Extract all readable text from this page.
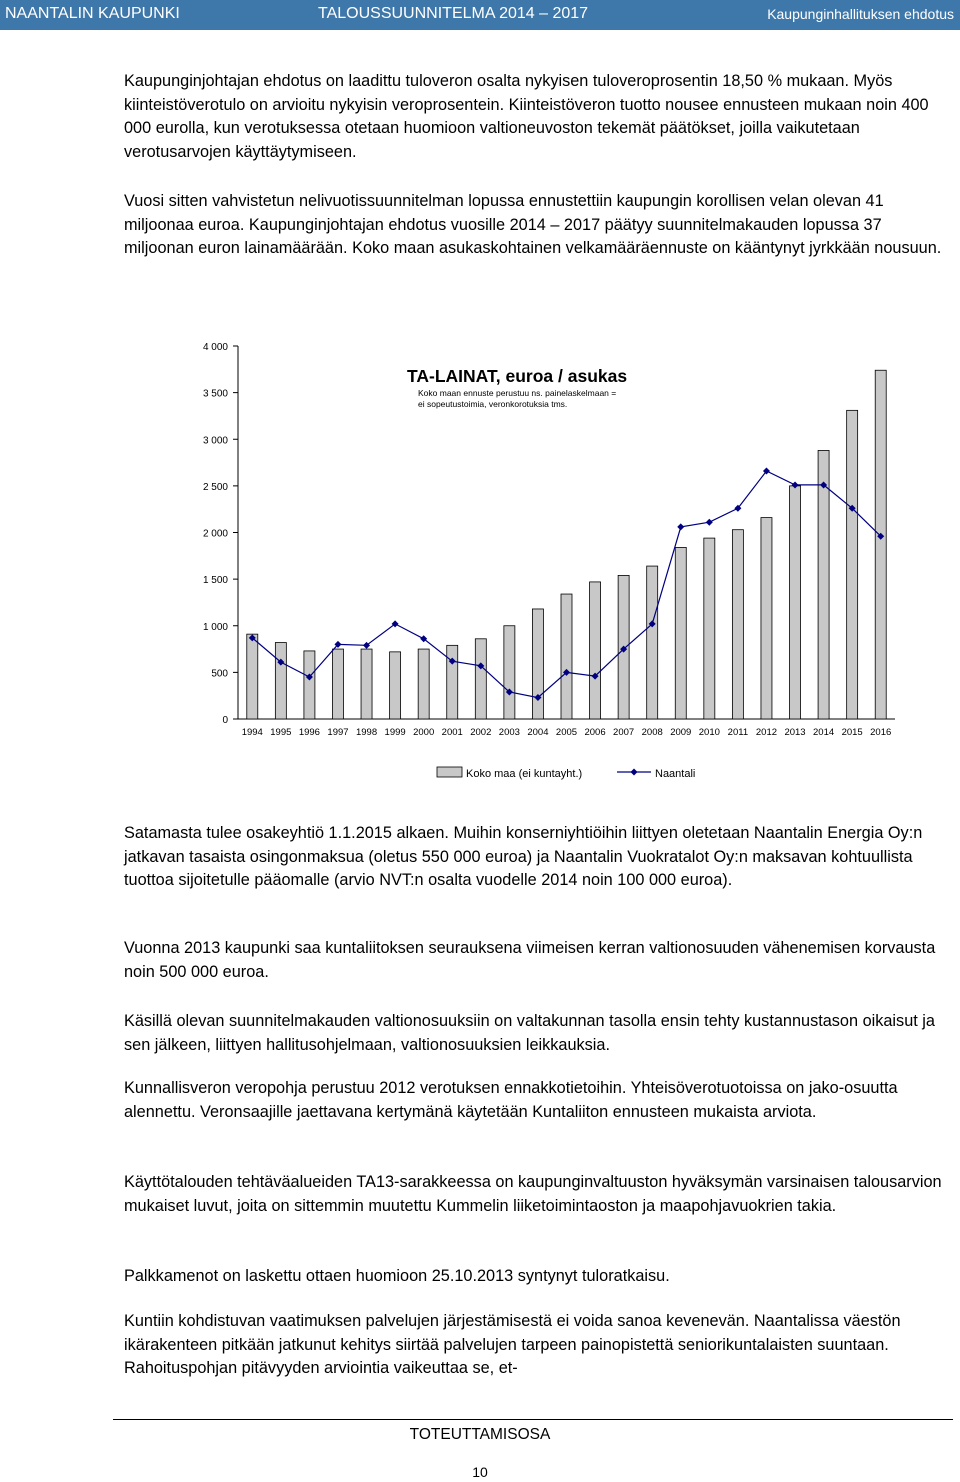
NAANTALIN KAUPUNKI	TALOUSSUUNNITELMA 2014 – 2017	Kaupunginhallituksen ehdotus

Kaupunginjohtajan ehdotus on laadittu tuloveron osalta nykyisen tuloveroprosentin 18,50 % mukaan. Myös kiinteistöverotulo on arvioitu nykyisin veroprosentein. Kiinteistöveron tuotto nousee ennusteen mukaan noin 400 000 eurolla, kun verotuksessa otetaan huomioon valtioneuvoston tekemät päätökset, joilla vaikutetaan verotusarvojen käyttäytymiseen.

Vuosi sitten vahvistetun nelivuotissuunnitelman lopussa ennustettiin kaupungin korollisen velan olevan 41 miljoonaa euroa. Kaupunginjohtajan ehdotus vuosille 2014 – 2017 päätyy suunnitelmakauden lopussa 37 miljoonan euron lainamäärään. Koko maan asukaskohtainen velkamääräennuste on kääntynyt jyrkkään nousuun.

0
500
1 000
1 500
2 000
2 500
3 000
3 500
4 000
1994 1995 1996 1997 1998 1999 2000 2001 2002 2003 2004 2005 2006 2007 2008 2009 2010 2011 2012 2013 2014 2015 2016
TA-LAINAT, euroa / asukas
Koko maan ennuste perustuu ns. painelaskelmaan =
ei sopeutustoimia, veronkorotuksia tms.
Koko maa (ei kuntayht.)	Naantali

Satamasta tulee osakeyhtiö 1.1.2015 alkaen. Muihin konserniyhtiöihin liittyen oletetaan Naantalin Energia Oy:n jatkavan tasaista osingonmaksua (oletus 550 000 euroa) ja Naantalin Vuokratalot Oy:n maksavan kohtuullista tuottoa sijoitetulle pääomalle (arvio NVT:n osalta vuodelle 2014 noin 100 000 euroa).

Vuonna 2013 kaupunki saa kuntaliitoksen seurauksena viimeisen kerran valtionosuuden vähenemisen korvausta noin 500 000 euroa.

Käsillä olevan suunnitelmakauden valtionosuuksiin on valtakunnan tasolla ensin tehty kustannustason oikaisut ja sen jälkeen, liittyen hallitusohjelmaan, valtionosuuksien leikkauksia.

Kunnallisveron veropohja perustuu 2012 verotuksen ennakkotietoihin. Yhteisöverotuotoissa on jako-osuutta alennettu. Veronsaajille jaettavana kertymänä käytetään Kuntaliiton ennusteen mukaista arviota.

Käyttötalouden tehtäväalueiden TA13-sarakkeessa on kaupunginvaltuuston hyväksymän varsinaisen talousarvion mukaiset luvut, joita on sittemmin muutettu Kummelin liiketoimintaoston ja maapohjavuokrien takia.

Palkkamenot on laskettu ottaen huomioon 25.10.2013 syntynyt tuloratkaisu.

Kuntiin kohdistuvan vaatimuksen palvelujen järjestämisestä ei voida sanoa kevenevän. Naantalissa väestön ikärakenteen pitkään jatkunut kehitys siirtää palvelujen tarpeen painopistettä seniorikuntalaisten suuntaan. Rahoituspohjan pitävyyden arviointia vaikeuttaa se, et-

TOTEUTTAMISOSA
10
